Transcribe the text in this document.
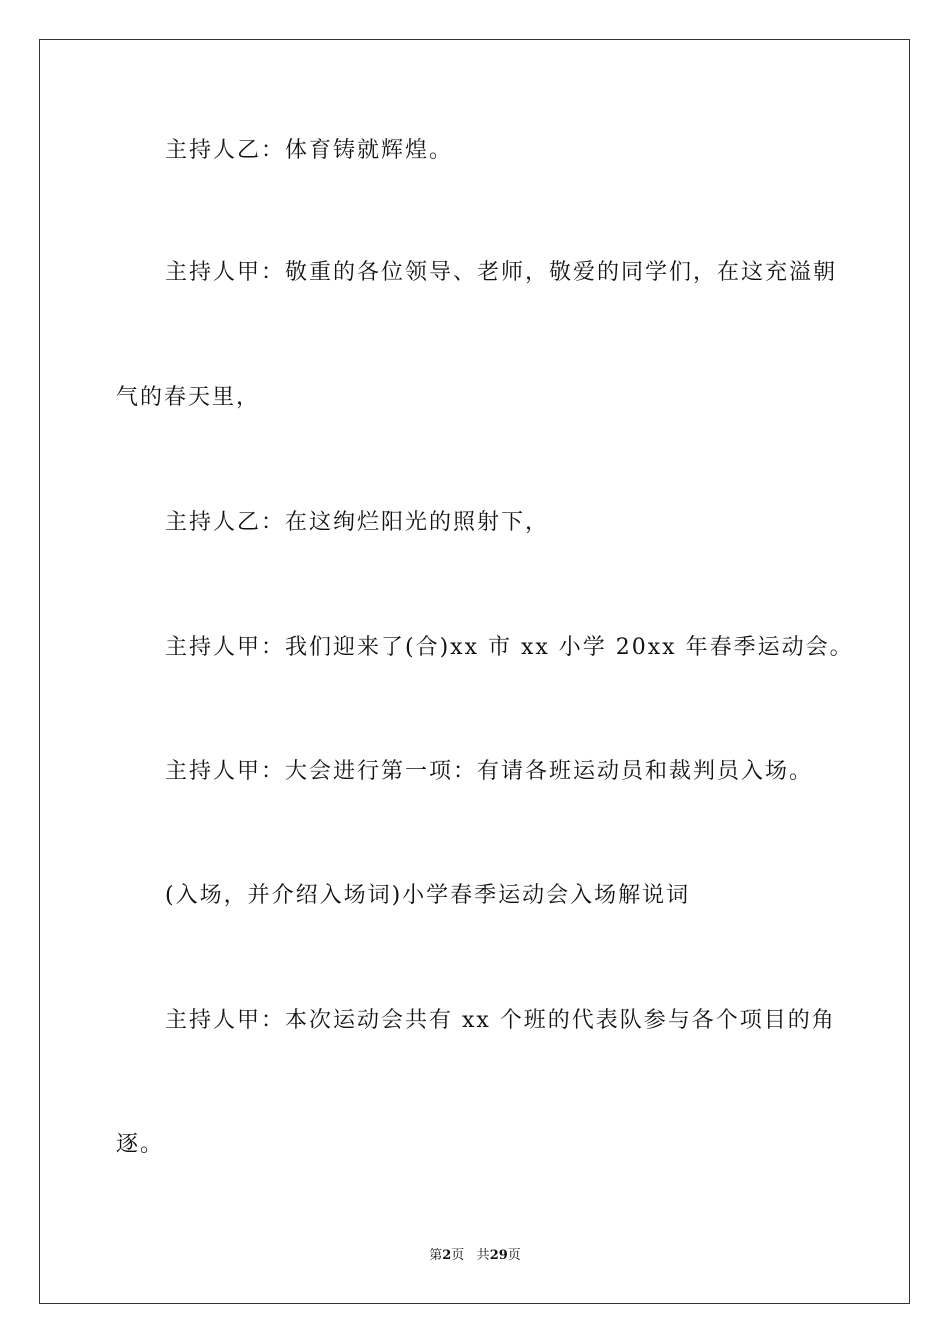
主持人乙：体育铸就辉煌。
主持人甲：敬重的各位领导、老师，敬爱的同学们，在这充溢朝
气的春天里，
主持人乙：在这绚烂阳光的照射下，
主持人甲：我们迎来了(合)xx 市 xx 小学 20xx 年春季运动会。
主持人甲：大会进行第一项：有请各班运动员和裁判员入场。
(入场，并介绍入场词)小学春季运动会入场解说词
主持人甲：本次运动会共有 xx 个班的代表队参与各个项目的角
逐。
第2页 共29页
